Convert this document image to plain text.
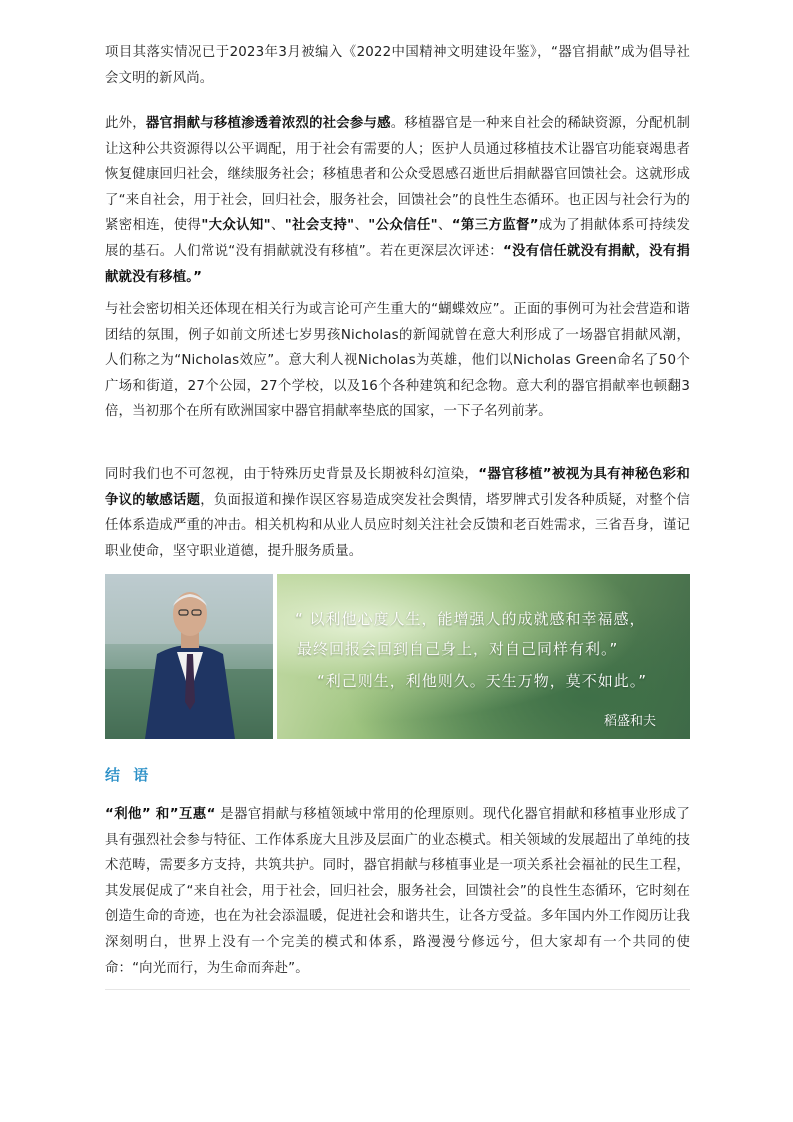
项目其落实情况已于2023年3月被编入《2022中国精神文明建设年鉴》，“器官捐献”成为倡导社会文明的新风尚。

此外，器官捐献与移植渗透着浓烈的社会参与感。移植器官是一种来自社会的稀缺资源，分配机制让这种公共资源得以公平调配，用于社会有需要的人；医护人员通过移植技术让器官功能衰竭患者恢复健康回归社会，继续服务社会；移植患者和公众受恩感召逝世后捐献器官回馈社会。这就形成了“来自社会，用于社会，回归社会，服务社会，回馈社会”的良性生态循环。也正因与社会行为的紧密相连，使得"大众认知"、"社会支持"、"公众信任"、“第三方监督”成为了捐献体系可持续发展的基石。人们常说“没有捐献就没有移植”。若在更深层次评述：“没有信任就没有捐献，没有捐献就没有移植。”

与社会密切相关还体现在相关行为或言论可产生重大的“蝴蝶效应”。正面的事例可为社会营造和谐团结的氛围，例子如前文所述七岁男孩Nicholas的新闻就曾在意大利形成了一场器官捐献风潮，人们称之为“Nicholas效应”。意大利人视Nicholas为英雄，他们以Nicholas Green命名了50个广场和街道，27个公园，27个学校，以及16个各种建筑和纪念物。意大利的器官捐献率也顿翻3倍，当初那个在所有欧洲国家中器官捐献率垫底的国家，一下子名列前茅。

同时我们也不可忽视，由于特殊历史背景及长期被科幻渲染，“器官移植”被视为具有神秘色彩和争议的敏感话题，负面报道和操作误区容易造成突发社会舆情，塔罗牌式引发各种质疑，对整个信任体系造成严重的冲击。相关机构和从业人员应时刻关注社会反馈和老百姓需求，三省吾身，谨记职业使命，坚守职业道德，提升服务质量。

“ 以利他心度人生，能增强人的成就感和幸福感，
最终回报会回到自己身上，对自己同样有利。”
“利己则生，利他则久。天生万物，莫不如此。”
稻盛和夫
结 语

“利他” 和”互惠“ 是器官捐献与移植领域中常用的伦理原则。现代化器官捐献和移植事业形成了具有强烈社会参与特征、工作体系庞大且涉及层面广的业态模式。相关领域的发展超出了单纯的技术范畴，需要多方支持，共筑共护。同时，器官捐献与移植事业是一项关系社会福祉的民生工程，其发展促成了“来自社会，用于社会，回归社会，服务社会，回馈社会”的良性生态循环，它时刻在创造生命的奇迹，也在为社会添温暖，促进社会和谐共生，让各方受益。多年国内外工作阅历让我深刻明白，世界上没有一个完美的模式和体系，路漫漫兮修远兮，但大家却有一个共同的使命：“向光而行，为生命而奔赴”。
